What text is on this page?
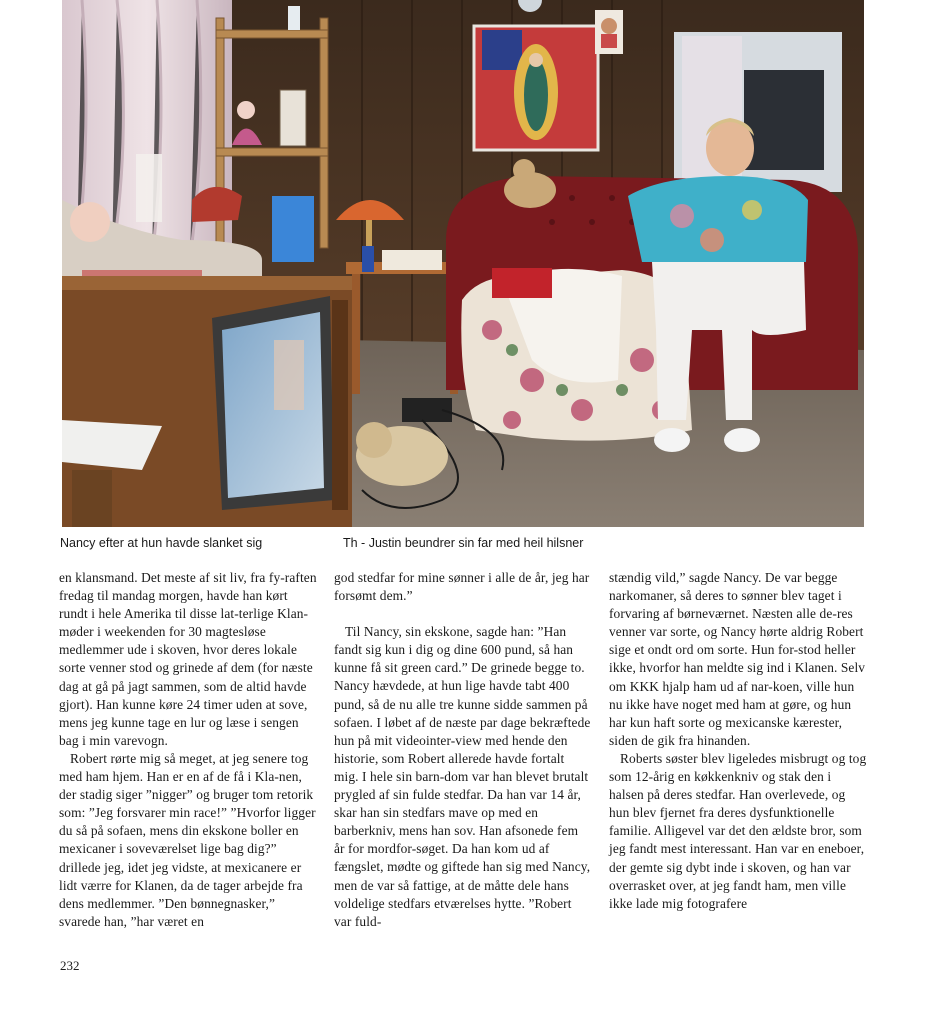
Nancy efter at hun havde slanket sig	Th - Justin beundrer sin far med heil hilsner

en klansmand. Det meste af sit liv, fra fy-raften fredag til mandag morgen, havde han kørt rundt i hele Amerika til disse lat-terlige Klan-møder i weekenden for 30 magtesløse medlemmer ude i skoven, hvor deres lokale sorte venner stod og grinede af dem (for næste dag at gå på jagt sammen, som de altid havde gjort). Han kunne køre 24 timer uden at sove, mens jeg kunne tage en lur og læse i sengen bag i min varevogn.

Robert rørte mig så meget, at jeg senere tog med ham hjem. Han er en af de få i Kla-nen, der stadig siger ”nigger” og bruger tom retorik som: ”Jeg forsvarer min race!” ”Hvorfor ligger du så på sofaen, mens din ekskone boller en mexicaner i soveværelset lige bag dig?” drillede jeg, idet jeg vidste, at mexicanere er lidt værre for Klanen, da de tager arbejde fra dens medlemmer. ”Den bønnegnasker,” svarede han, ”har været en

god stedfar for mine sønner i alle de år, jeg har forsømt dem.”

Til Nancy, sin ekskone, sagde han: ”Han fandt sig kun i dig og dine 600 pund, så han kunne få sit green card.” De grinede begge to. Nancy hævdede, at hun lige havde tabt 400 pund, så de nu alle tre kunne sidde sammen på sofaen. I løbet af de næste par dage bekræftede hun på mit videointer-view med hende den historie, som Robert allerede havde fortalt mig. I hele sin barn-dom var han blevet brutalt prygled af sin fulde stedfar. Da han var 14 år, skar han sin stedfars mave op med en barberkniv, mens han sov. Han afsonede fem år for mordfor-søget. Da han kom ud af fængslet, mødte og giftede han sig med Nancy, men de var så fattige, at de måtte dele hans voldelige stedfars etværelses hytte. ”Robert var fuld-

stændig vild,” sagde Nancy. De var begge narkomaner, så deres to sønner blev taget i forvaring af børneværnet. Næsten alle de-res venner var sorte, og Nancy hørte aldrig Robert sige et ondt ord om sorte. Hun for-stod heller ikke, hvorfor han meldte sig ind i Klanen. Selv om KKK hjalp ham ud af nar-koen, ville hun nu ikke have noget med ham at gøre, og hun har kun haft sorte og mexicanske kærester, siden de gik fra hinanden.

Roberts søster blev ligeledes misbrugt og tog som 12-årig en køkkenkniv og stak den i halsen på deres stedfar. Han overlevede, og hun blev fjernet fra deres dysfunktionelle familie. Alligevel var det den ældste bror, som jeg fandt mest interessant. Han var en eneboer, der gemte sig dybt inde i skoven, og han var overrasket over, at jeg fandt ham, men ville ikke lade mig fotografere

232
